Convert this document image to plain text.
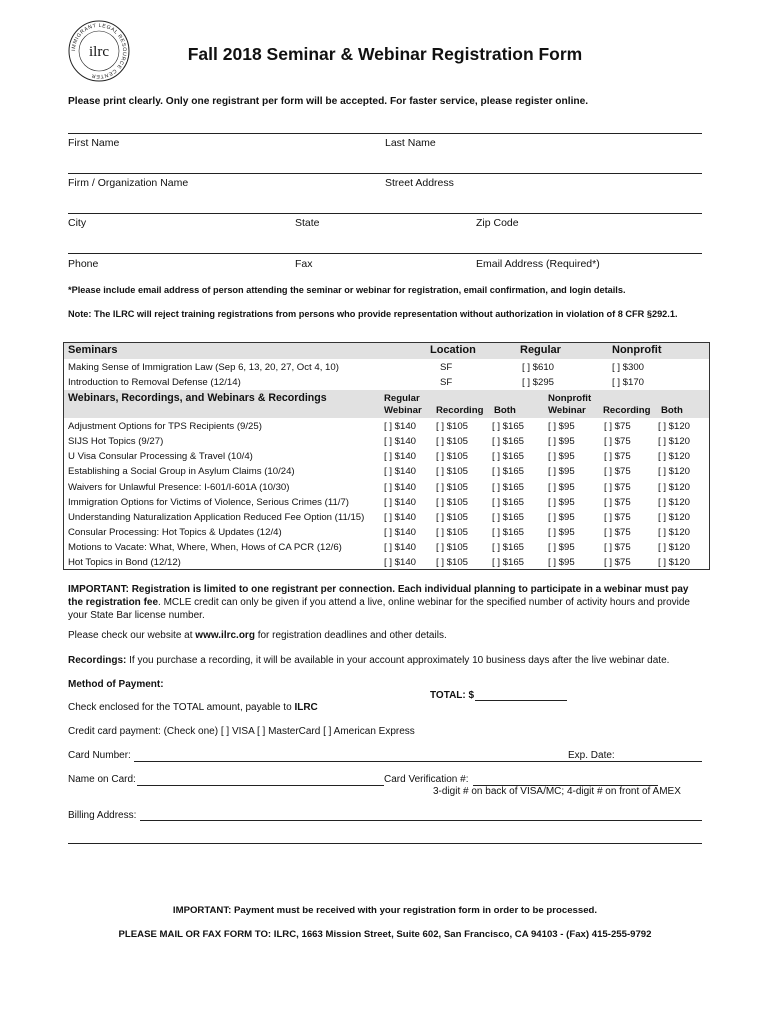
IMMIGRANT LEGAL RESOURCE CENTER
ilrc	Fall 2018 Seminar & Webinar Registration Form
Please print clearly. Only one registrant per form will be accepted. For faster service, please register online.
First Name	Last Name
Firm / Organization Name	Street Address
City	State	Zip Code
Phone	Fax	Email Address (Required*)
*Please include email address of person attending the seminar or webinar for registration, email confirmation, and login details.
Note: The ILRC will reject training registrations from persons who provide representation without authorization in violation of 8 CFR §292.1.
Seminars	Location	Regular	Nonprofit
Making Sense of Immigration Law (Sep 6, 13, 20, 27, Oct 4, 10)	SF	[ ] $610	[ ] $300
Introduction to Removal Defense (12/14)	SF	[ ] $295	[ ] $170
Webinars, Recordings, and Webinars & Recordings	Regular
Webinar Recording Both
Nonprofit
Webinar Recording Both
Adjustment Options for TPS Recipients (9/25)	[ ] $140 [ ] $105 [ ] $165 [ ] $95	[ ] $75	[ ] $120
SIJS Hot Topics (9/27)	[ ] $140 [ ] $105 [ ] $165 [ ] $95	[ ] $75	[ ] $120
U Visa Consular Processing & Travel (10/4)	[ ] $140 [ ] $105 [ ] $165 [ ] $95	[ ] $75	[ ] $120
Establishing a Social Group in Asylum Claims (10/24)	[ ] $140 [ ] $105 [ ] $165 [ ] $95	[ ] $75	[ ] $120
Waivers for Unlawful Presence: I-601/I-601A (10/30)	[ ] $140 [ ] $105 [ ] $165 [ ] $95	[ ] $75	[ ] $120
Immigration Options for Victims of Violence, Serious Crimes (11/7)	[ ] $140 [ ] $105 [ ] $165 [ ] $95	[ ] $75	[ ] $120
Understanding Naturalization Application Reduced Fee Option (11/15) [ ] $140 [ ] $105 [ ] $165 [ ] $95	[ ] $75	[ ] $120
Consular Processing: Hot Topics & Updates (12/4)	[ ] $140 [ ] $105 [ ] $165 [ ] $95	[ ] $75	[ ] $120
Motions to Vacate: What, Where, When, Hows of CA PCR (12/6)	[ ] $140 [ ] $105 [ ] $165 [ ] $95	[ ] $75	[ ] $120
Hot Topics in Bond (12/12)	[ ] $140 [ ] $105 [ ] $165 [ ] $95	[ ] $75	[ ] $120
IMPORTANT: Registration is limited to one registrant per connection. Each individual planning to participate in a webinar must pay the registration fee. MCLE credit can only be given if you attend a live, online webinar for the specified number of activity hours and provide your State Bar license number.
Please check our website at www.ilrc.org for registration deadlines and other details.
Recordings: If you purchase a recording, it will be available in your account approximately 10 business days after the live webinar date.
Method of Payment:
TOTAL: $
Check enclosed for the TOTAL amount, payable to ILRC
Credit card payment: (Check one) [ ] VISA [ ] MasterCard [ ] American Express
Card Number:	Exp. Date:
Name on Card:	Card Verification #:
3-digit # on back of VISA/MC; 4-digit # on front of AMEX
Billing Address:
IMPORTANT: Payment must be received with your registration form in order to be processed.
PLEASE MAIL OR FAX FORM TO: ILRC, 1663 Mission Street, Suite 602, San Francisco, CA 94103 - (Fax) 415-255-9792
